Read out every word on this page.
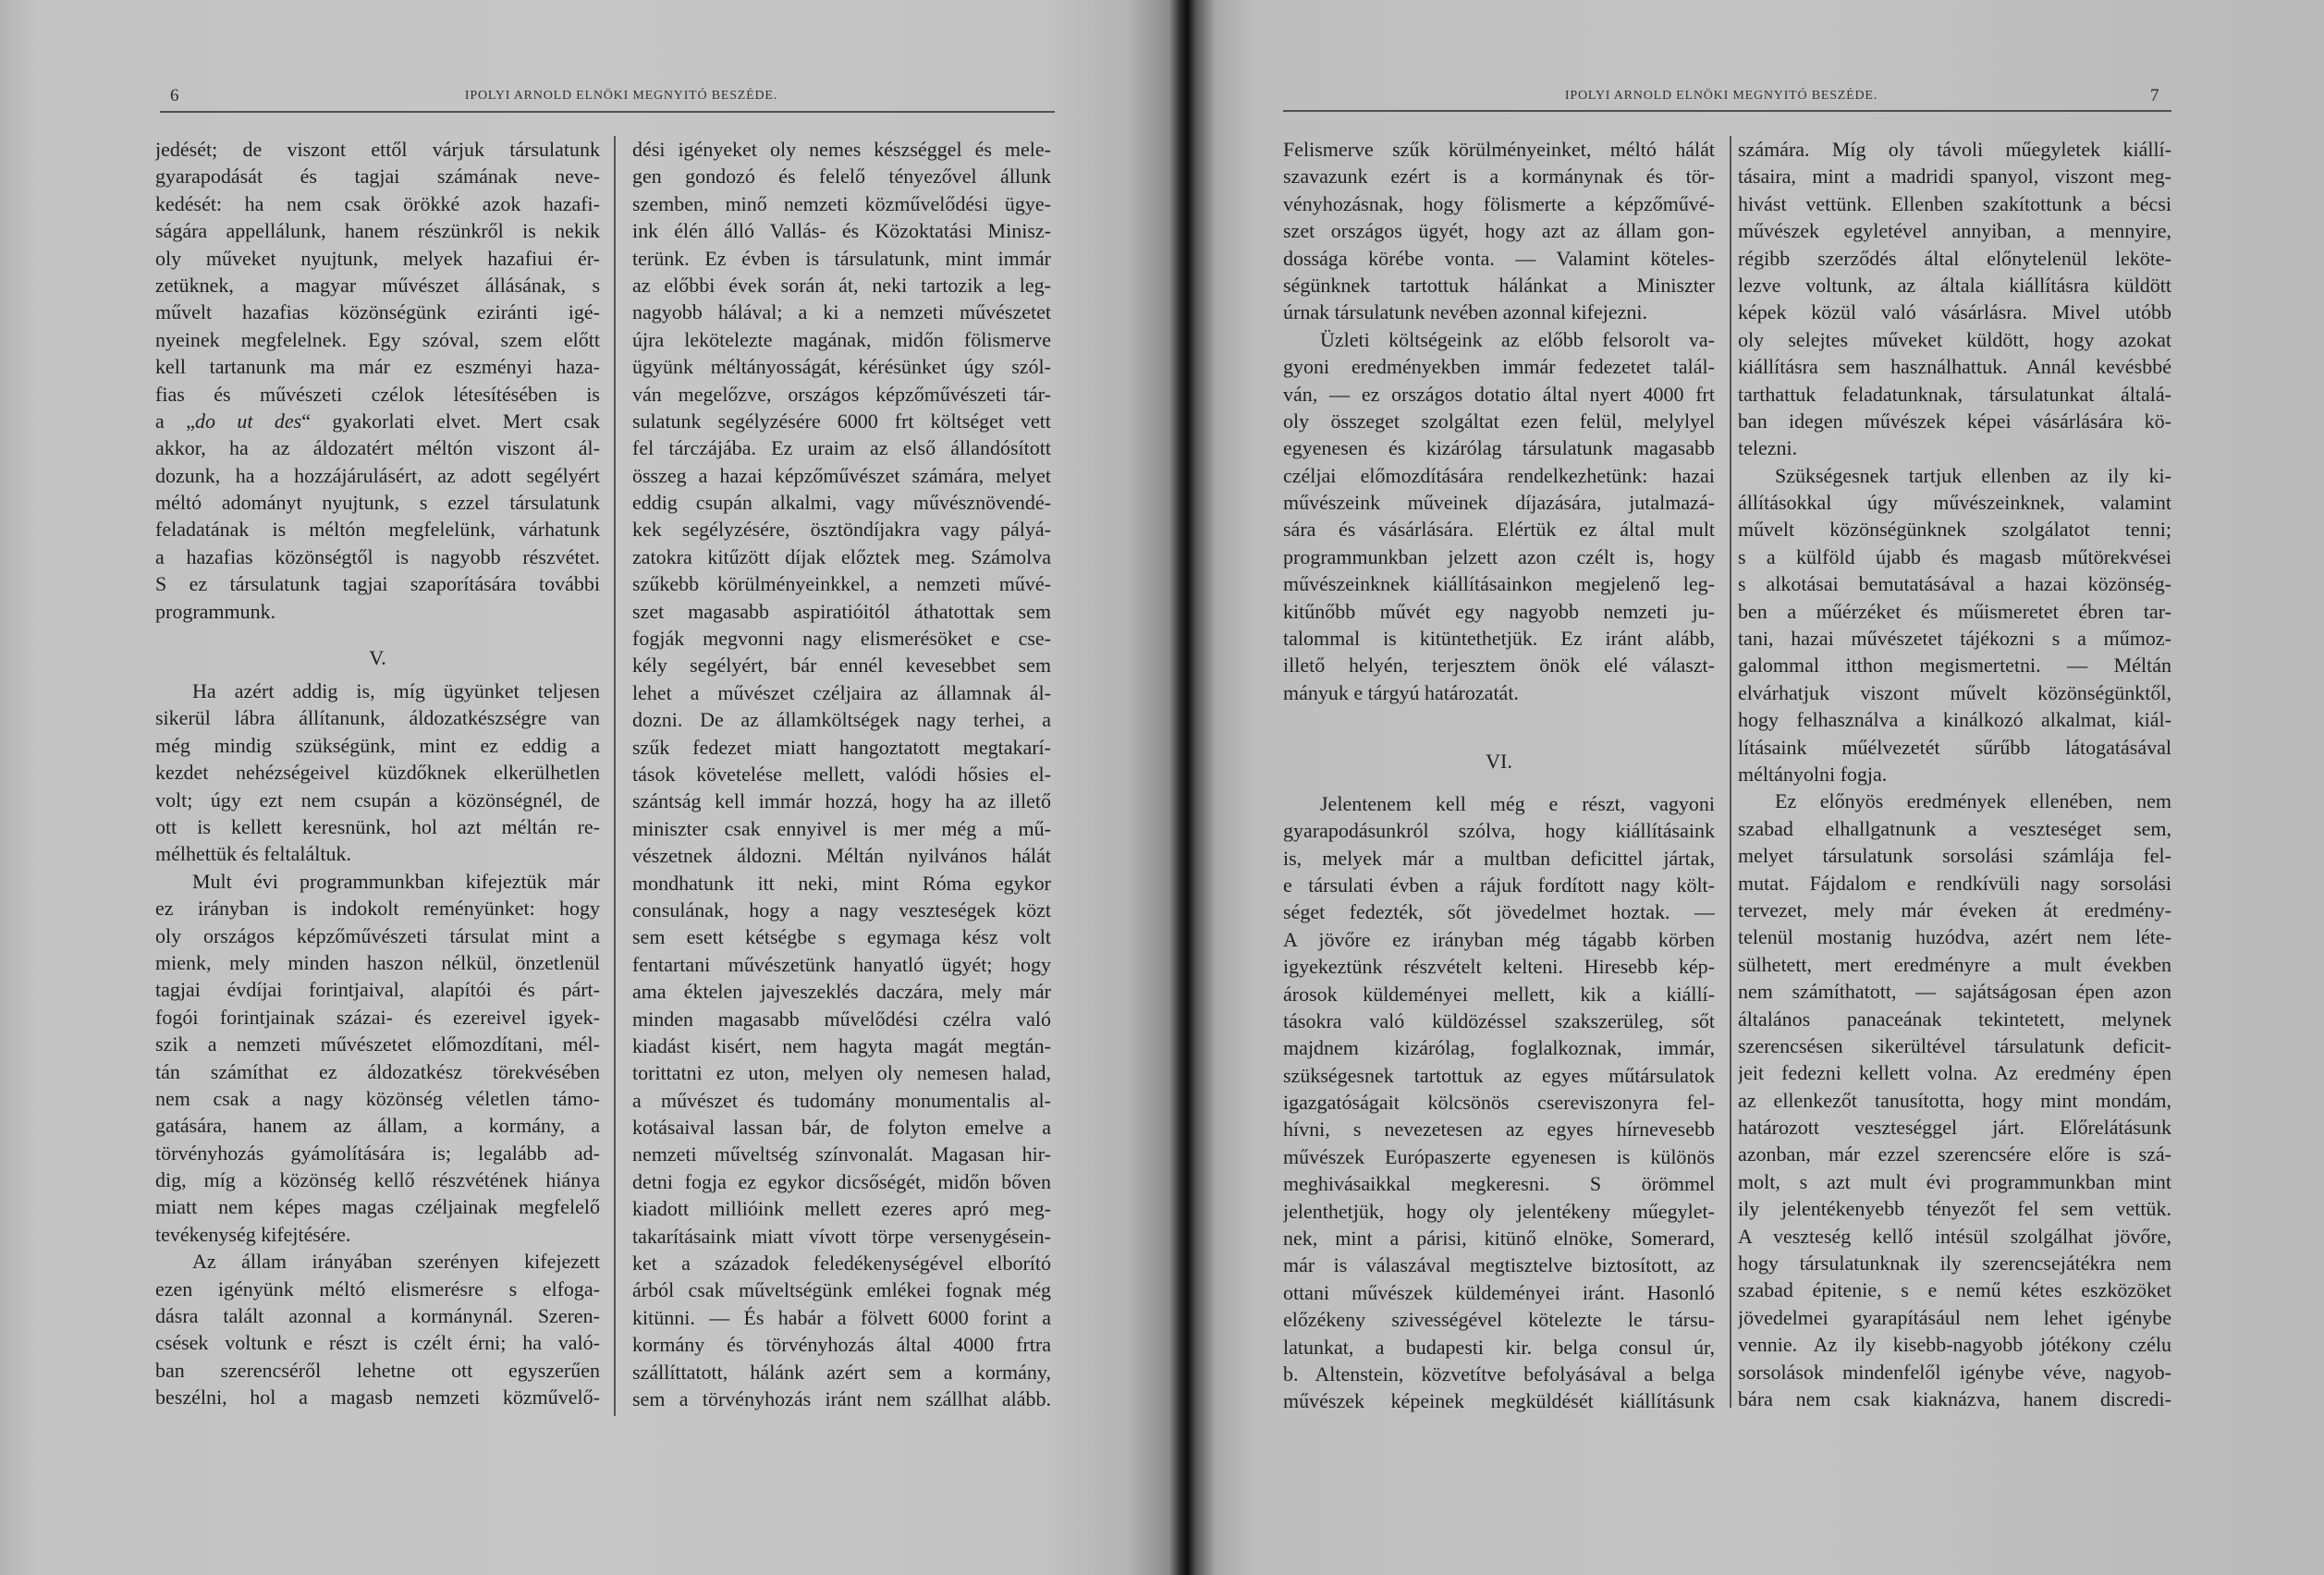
6	IPOLYI ARNOLD ELNÖKI MEGNYITÓ BESZÉDE.
jedését; de viszont ettől várjuk társulatunk
gyarapodását és tagjai számának neve-
kedését: ha nem csak örökké azok hazafi-
ságára appellálunk, hanem részünkről is nekik
oly műveket nyujtunk, melyek hazafiui ér-
zetüknek, a magyar művészet állásának, s
művelt hazafias közönségünk eziránti igé-
nyeinek megfelelnek. Egy szóval, szem előtt
kell tartanunk ma már ez eszményi haza-
fias és művészeti czélok létesítésében is
a „do ut des“ gyakorlati elvet. Mert csak
akkor, ha az áldozatért méltón viszont ál-
dozunk, ha a hozzájárulásért, az adott segélyért
méltó adományt nyujtunk, s ezzel társulatunk
feladatának is méltón megfelelünk, várhatunk
a hazafias közönségtől is nagyobb részvétet.
S ez társulatunk tagjai szaporítására további
programmunk.
V.
Ha azért addig is, míg ügyünket teljesen
sikerül lábra állítanunk, áldozatkészségre van
még mindig szükségünk, mint ez eddig a
kezdet nehézségeivel küzdőknek elkerülhetlen
volt; úgy ezt nem csupán a közönségnél, de
ott is kellett keresnünk, hol azt méltán re-
mélhettük és feltaláltuk.
Mult évi programmunkban kifejeztük már
ez irányban is indokolt reményünket: hogy
oly országos képzőművészeti társulat mint a
mienk, mely minden haszon nélkül, önzetlenül
tagjai évdíjai forintjaival, alapítói és párt-
fogói forintjainak százai- és ezereivel igyek-
szik a nemzeti művészetet előmozdítani, mél-
tán számíthat ez áldozatkész törekvésében
nem csak a nagy közönség véletlen támo-
gatására, hanem az állam, a kormány, a
törvényhozás gyámolítására is; legalább ad-
dig, míg a közönség kellő részvétének hiánya
miatt nem képes magas czéljainak megfelelő
tevékenység kifejtésére.
Az állam irányában szerényen kifejezett
ezen igényünk méltó elismerésre s elfoga-
dásra talált azonnal a kormánynál. Szeren-
csések voltunk e részt is czélt érni; ha való-
ban szerencséről lehetne ott egyszerűen
beszélni, hol a magasb nemzeti közművelő-
dési igényeket oly nemes készséggel és mele-
gen gondozó és felelő tényezővel állunk
szemben, minő nemzeti közművelődési ügye-
ink élén álló Vallás- és Közoktatási Minisz-
terünk. Ez évben is társulatunk, mint immár
az előbbi évek során át, neki tartozik a leg-
nagyobb hálával; a ki a nemzeti művészetet
újra lekötelezte magának, midőn fölismerve
ügyünk méltányosságát, kérésünket úgy szól-
ván megelőzve, országos képzőművészeti tár-
sulatunk segélyzésére 6000 frt költséget vett
fel tárczájába. Ez uraim az első állandósított
összeg a hazai képzőművészet számára, melyet
eddig csupán alkalmi, vagy művésznövendé-
kek segélyzésére, ösztöndíjakra vagy pályá-
zatokra kitűzött díjak előztek meg. Számolva
szűkebb körülményeinkkel, a nemzeti művé-
szet magasabb aspiratióitól áthatottak sem
fogják megvonni nagy elismerésöket e cse-
kély segélyért, bár ennél kevesebbet sem
lehet a művészet czéljaira az államnak ál-
dozni. De az államköltségek nagy terhei, a
szűk fedezet miatt hangoztatott megtakarí-
tások követelése mellett, valódi hősies el-
szántság kell immár hozzá, hogy ha az illető
miniszter csak ennyivel is mer még a mű-
vészetnek áldozni. Méltán nyilvános hálát
mondhatunk itt neki, mint Róma egykor
consulának, hogy a nagy veszteségek közt
sem esett kétségbe s egymaga kész volt
fentartani művészetünk hanyatló ügyét; hogy
ama éktelen jajveszeklés daczára, mely már
minden magasabb művelődési czélra való
kiadást kisért, nem hagyta magát megtán-
torittatni ez uton, melyen oly nemesen halad,
a művészet és tudomány monumentalis al-
kotásaival lassan bár, de folyton emelve a
nemzeti műveltség színvonalát. Magasan hir-
detni fogja ez egykor dicsőségét, midőn bőven
kiadott millióink mellett ezeres apró meg-
takarításaink miatt vívott törpe versenygésein-
ket a századok feledékenységével elborító
árból csak műveltségünk emlékei fognak még
kitünni. — És habár a fölvett 6000 forint a
kormány és törvényhozás által 4000 frtra
szállíttatott, hálánk azért sem a kormány,
sem a törvényhozás iránt nem szállhat alább.
IPOLYI ARNOLD ELNÖKI MEGNYITÓ BESZÉDE.	7
Felismerve szűk körülményeinket, méltó hálát
szavazunk ezért is a kormánynak és tör-
vényhozásnak, hogy fölismerte a képzőművé-
szet országos ügyét, hogy azt az állam gon-
dossága körébe vonta. — Valamint köteles-
ségünknek tartottuk hálánkat a Miniszter
úrnak társulatunk nevében azonnal kifejezni.
Üzleti költségeink az előbb felsorolt va-
gyoni eredményekben immár fedezetet talál-
ván, — ez országos dotatio által nyert 4000 frt
oly összeget szolgáltat ezen felül, melylyel
egyenesen és kizárólag társulatunk magasabb
czéljai előmozdítására rendelkezhetünk: hazai
művészeink műveinek díjazására, jutalmazá-
sára és vásárlására. Elértük ez által mult
programmunkban jelzett azon czélt is, hogy
művészeinknek kiállításainkon megjelenő leg-
kitűnőbb művét egy nagyobb nemzeti ju-
talommal is kitüntethetjük. Ez iránt alább,
illető helyén, terjesztem önök elé választ-
mányuk e tárgyú határozatát.
VI.
Jelentenem kell még e részt, vagyoni
gyarapodásunkról szólva, hogy kiállításaink
is, melyek már a multban deficittel jártak,
e társulati évben a rájuk fordított nagy költ-
séget fedezték, sőt jövedelmet hoztak. —
A jövőre ez irányban még tágabb körben
igyekeztünk részvételt kelteni. Hiresebb kép-
árosok küldeményei mellett, kik a kiállí-
tásokra való küldözéssel szakszerüleg, sőt
majdnem kizárólag, foglalkoznak, immár,
szükségesnek tartottuk az egyes műtársulatok
igazgatóságait kölcsönös csereviszonyra fel-
hívni, s nevezetesen az egyes hírnevesebb
művészek Európaszerte egyenesen is különös
meghivásaikkal megkeresni. S örömmel
jelenthetjük, hogy oly jelentékeny műegylet-
nek, mint a párisi, kitünő elnöke, Somerard,
már is válaszával megtisztelve biztosított, az
ottani művészek küldeményei iránt. Hasonló
előzékeny szivességével kötelezte le társu-
latunkat, a budapesti kir. belga consul úr,
b. Altenstein, közvetítve befolyásával a belga
művészek képeinek megküldését kiállításunk
számára. Míg oly távoli műegyletek kiállí-
tásaira, mint a madridi spanyol, viszont meg-
hivást vettünk. Ellenben szakítottunk a bécsi
művészek egyletével annyiban, a mennyire,
régibb szerződés által előnytelenül leköte-
lezve voltunk, az általa kiállításra küldött
képek közül való vásárlásra. Mivel utóbb
oly selejtes műveket küldött, hogy azokat
kiállításra sem használhattuk. Annál kevésbbé
tarthattuk feladatunknak, társulatunkat általá-
ban idegen művészek képei vásárlására kö-
telezni.
Szükségesnek tartjuk ellenben az ily ki-
állításokkal úgy művészeinknek, valamint
művelt közönségünknek szolgálatot tenni;
s a külföld újabb és magasb műtörekvései
s alkotásai bemutatásával a hazai közönség-
ben a műérzéket és műismeretet ébren tar-
tani, hazai művészetet tájékozni s a műmoz-
galommal itthon megismertetni. — Méltán
elvárhatjuk viszont művelt közönségünktől,
hogy felhasználva a kinálkozó alkalmat, kiál-
lításaink műélvezetét sűrűbb látogatásával
méltányolni fogja.
Ez előnyös eredmények ellenében, nem
szabad elhallgatnunk a veszteséget sem,
melyet társulatunk sorsolási számlája fel-
mutat. Fájdalom e rendkívüli nagy sorsolási
tervezet, mely már éveken át eredmény-
telenül mostanig huzódva, azért nem léte-
sülhetett, mert eredményre a mult években
nem számíthatott, — sajátságosan épen azon
általános panaceának tekintetett, melynek
szerencsésen sikerültével társulatunk deficit-
jeit fedezni kellett volna. Az eredmény épen
az ellenkezőt tanusította, hogy mint mondám,
határozott veszteséggel járt. Előrelátásunk
azonban, már ezzel szerencsére előre is szá-
molt, s azt mult évi programmunkban mint
ily jelentékenyebb tényezőt fel sem vettük.
A veszteség kellő intésül szolgálhat jövőre,
hogy társulatunknak ily szerencsejátékra nem
szabad épitenie, s e nemű kétes eszközöket
jövedelmei gyarapításául nem lehet igénybe
vennie. Az ily kisebb-nagyobb jótékony czélu
sorsolások mindenfelől igénybe véve, nagyob-
bára nem csak kiaknázva, hanem discredi-
